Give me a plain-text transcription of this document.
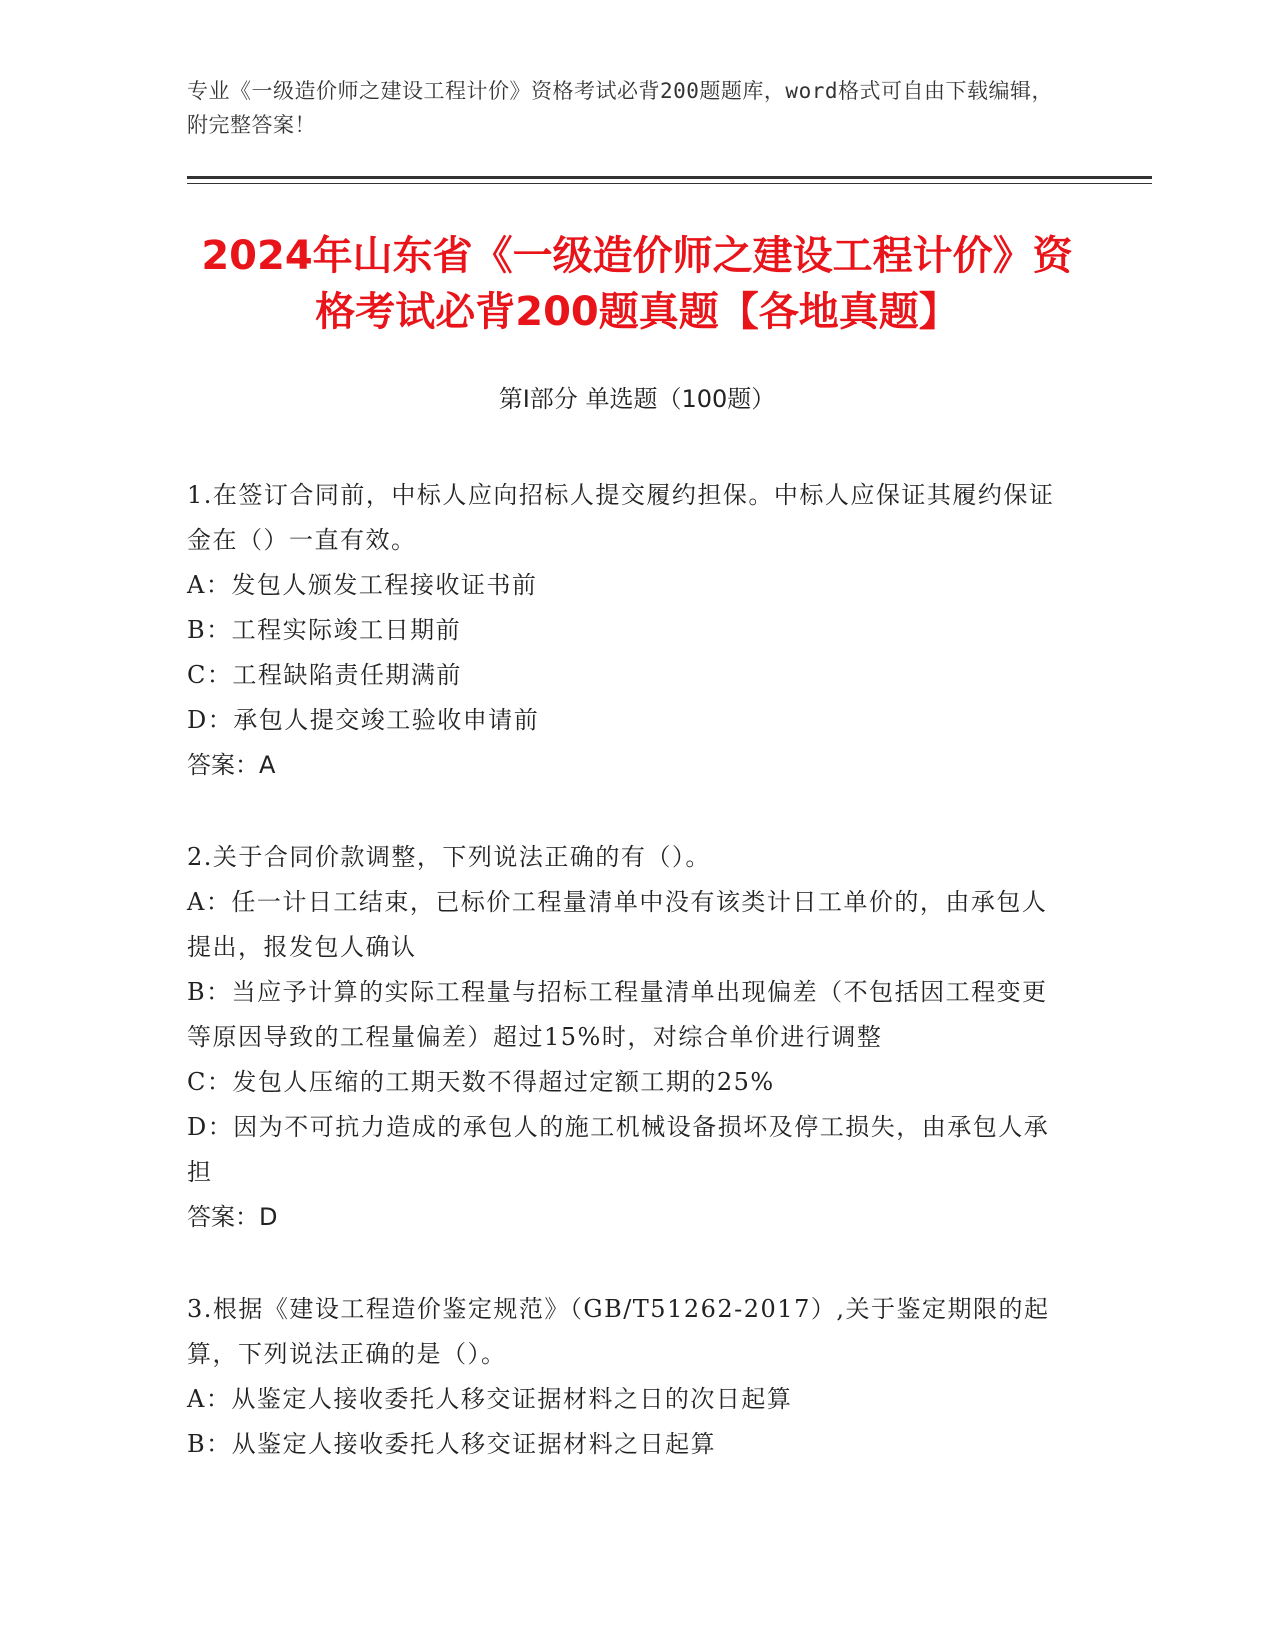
专业《一级造价师之建设工程计价》资格考试必背200题题库，word格式可自由下载编辑，附完整答案！
2024年山东省《一级造价师之建设工程计价》资格考试必背200题真题【各地真题】
第I部分 单选题（100题）

1.在签订合同前，中标人应向招标人提交履约担保。中标人应保证其履约保证金在（）一直有效。

A：发包人颁发工程接收证书前

B：工程实际竣工日期前

C：工程缺陷责任期满前

D：承包人提交竣工验收申请前

答案：A

2.关于合同价款调整，下列说法正确的有（）。

A：任一计日工结束，已标价工程量清单中没有该类计日工单价的，由承包人提出，报发包人确认

B：当应予计算的实际工程量与招标工程量清单出现偏差（不包括因工程变更等原因导致的工程量偏差）超过15%时，对综合单价进行调整

C：发包人压缩的工期天数不得超过定额工期的25%

D：因为不可抗力造成的承包人的施工机械设备损坏及停工损失，由承包人承担

答案：D

3.根据《建设工程造价鉴定规范》（GB/T51262-2017）,关于鉴定期限的起算，下列说法正确的是（）。

A：从鉴定人接收委托人移交证据材料之日的次日起算

B：从鉴定人接收委托人移交证据材料之日起算
